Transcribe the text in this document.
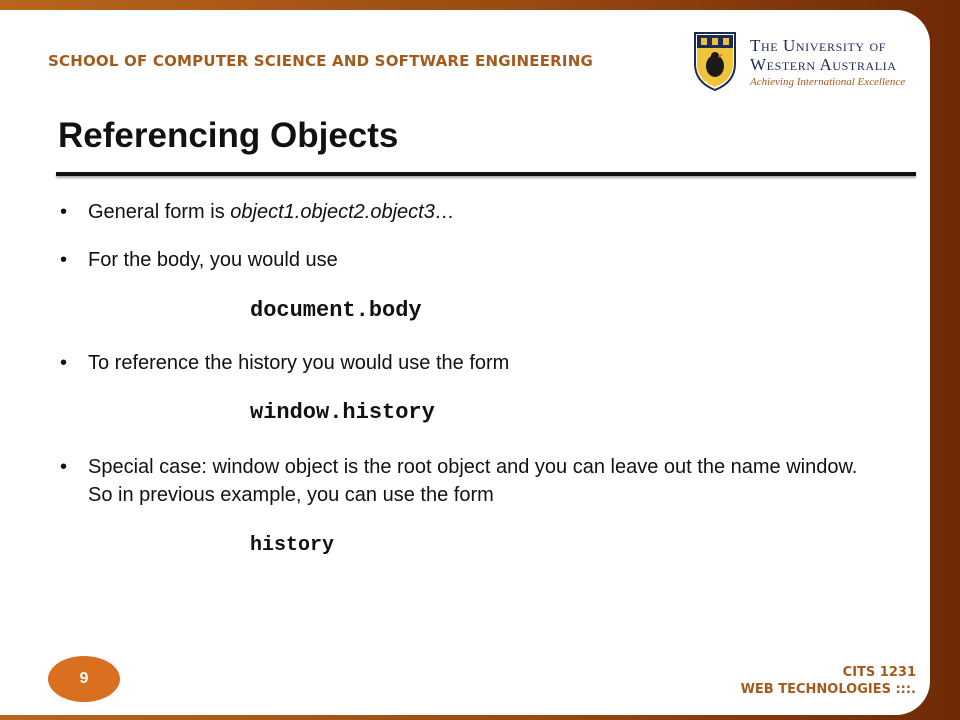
SCHOOL OF COMPUTER SCIENCE AND SOFTWARE ENGINEERING
The University of
Western Australia
Achieving International Excellence
Referencing Objects
•	General form is object1.object2.object3…
•	For the body, you would use
document.body
•	To reference the history you would use the form
window.history
•	Special case: window object is the root object and you can leave out the name window. So in previous example, you can use the form
history
9	CITS 1231
WEB TECHNOLOGIES :::.
